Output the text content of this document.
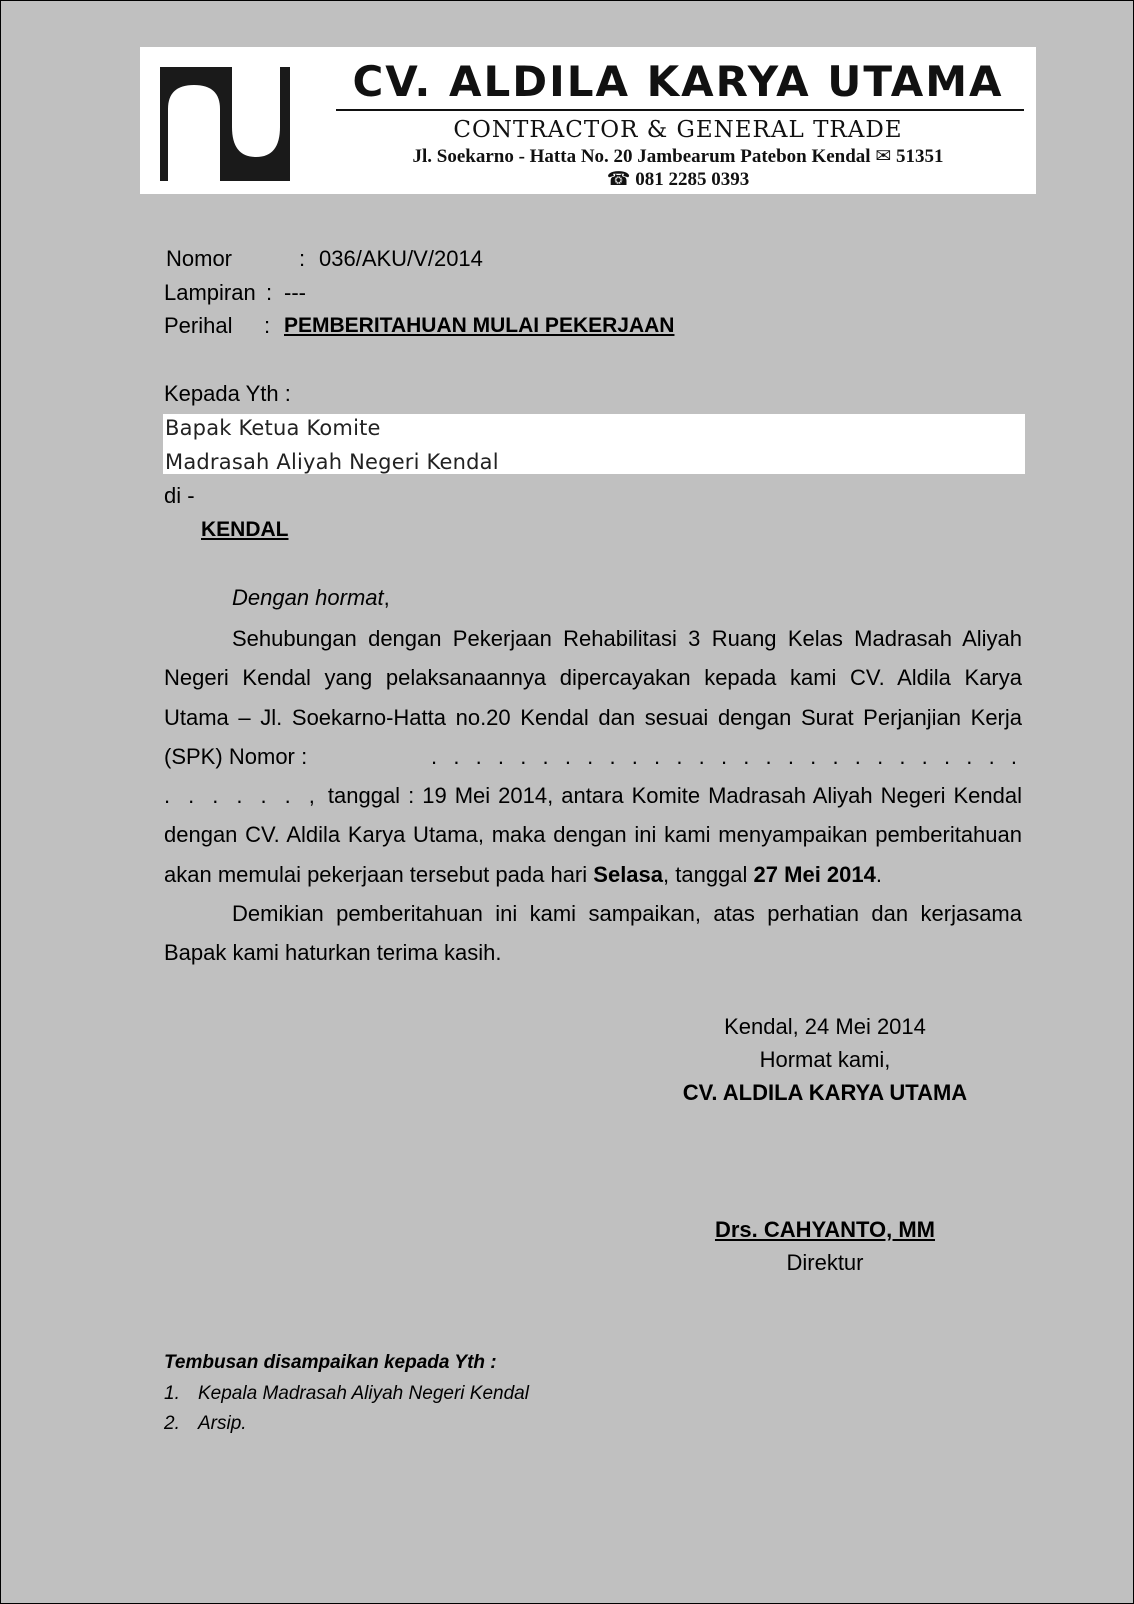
CV. ALDILA KARYA UTAMA
CONTRACTOR & GENERAL TRADE
Jl. Soekarno - Hatta No. 20 Jambearum Patebon Kendal ✉ 51351
☎ 081 2285 0393
Nomor	: 036/AKU/V/2014
Lampiran : ---
Perihal : PEMBERITAHUAN MULAI PEKERJAAN
Kepada Yth :
Bapak Ketua Komite
Madrasah Aliyah Negeri Kendal
di -
KENDAL
Dengan hormat,

Sehubungan dengan Pekerjaan Rehabilitasi 3 Ruang Kelas Madrasah Aliyah Negeri Kendal yang pelaksanaannya dipercayakan kepada kami CV. Aldila Karya Utama – Jl. Soekarno-Hatta no.20 Kendal dan sesuai dengan Surat Perjanjian Kerja (SPK) Nomor :	. . . . . . . . . . . . . . . . . . . . . . . . . . . . . . . . . , tanggal : 19 Mei 2014, antara Komite Madrasah Aliyah Negeri Kendal dengan CV. Aldila Karya Utama, maka dengan ini kami menyampaikan pemberitahuan akan memulai pekerjaan tersebut pada hari Selasa, tanggal 27 Mei 2014.

Demikian pemberitahuan ini kami sampaikan, atas perhatian dan kerjasama Bapak kami haturkan terima kasih.

Kendal, 24 Mei 2014
Hormat kami,
CV. ALDILA KARYA UTAMA
Drs. CAHYANTO, MM
Direktur
Tembusan disampaikan kepada Yth :
1. Kepala Madrasah Aliyah Negeri Kendal
2. Arsip.
